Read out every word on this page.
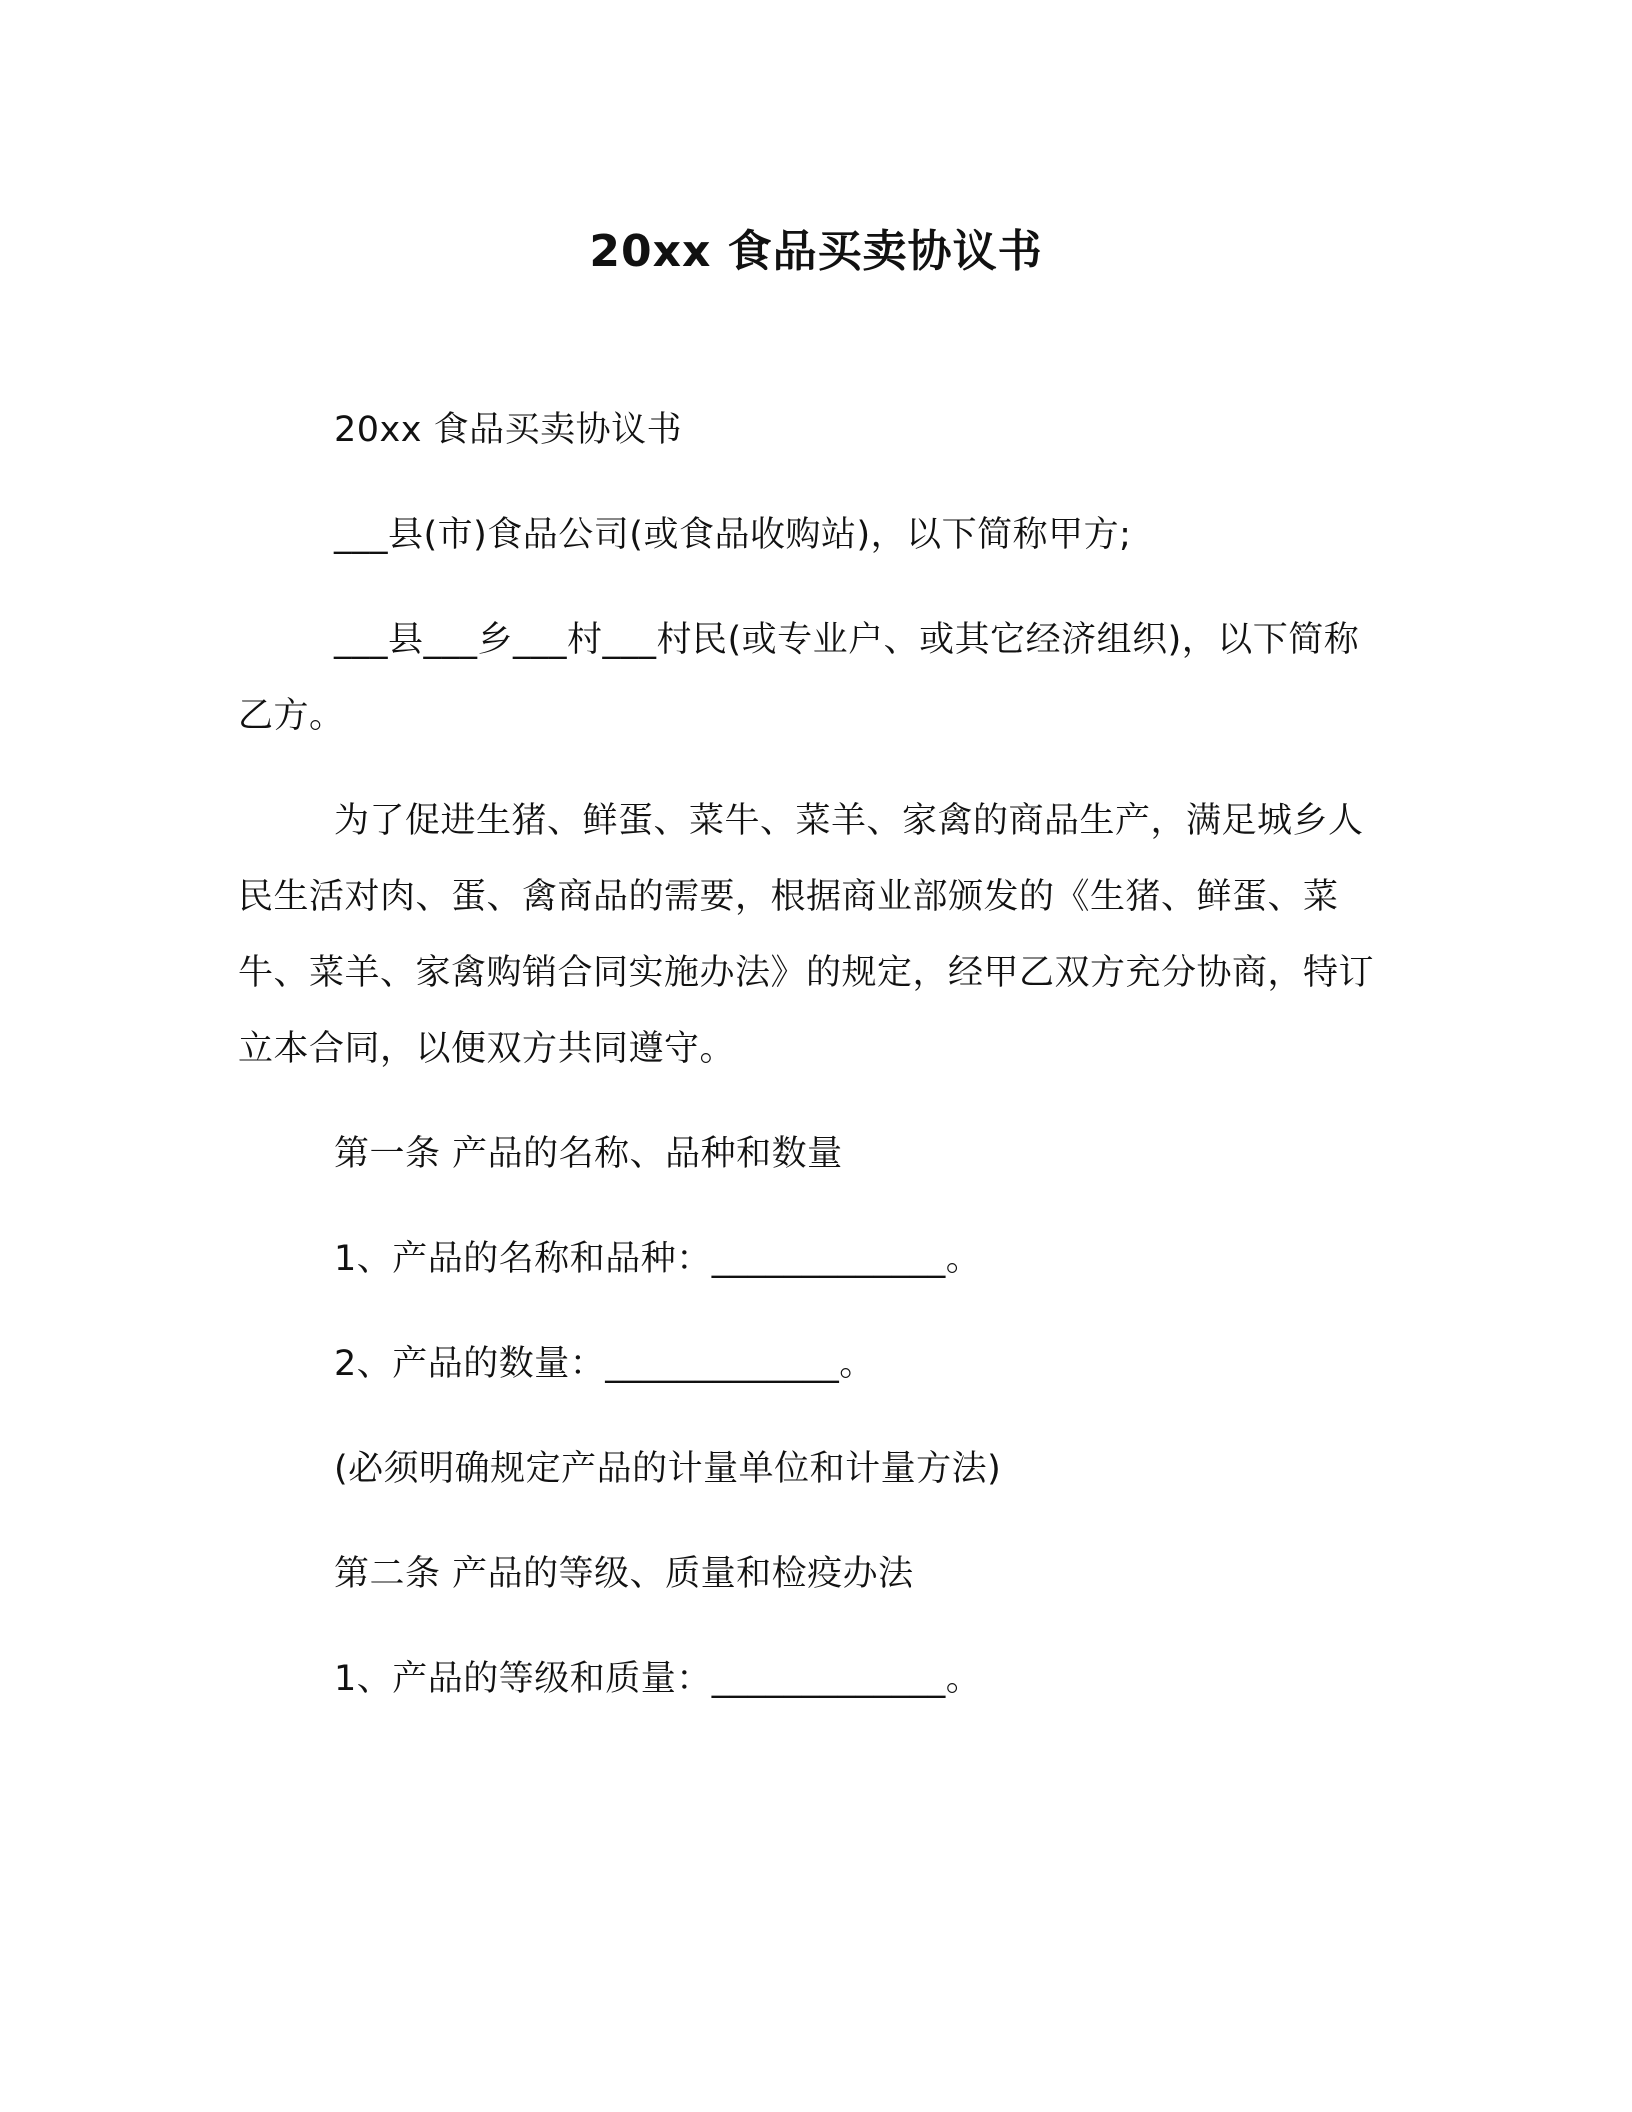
20xx 食品买卖协议书

20xx 食品买卖协议书

___县(市)食品公司(或食品收购站)，以下简称甲方;

___县___乡___村___村民(或专业户、或其它经济组织)，以下简称乙方。

为了促进生猪、鲜蛋、菜牛、菜羊、家禽的商品生产，满足城乡人民生活对肉、蛋、禽商品的需要，根据商业部颁发的《生猪、鲜蛋、菜牛、菜羊、家禽购销合同实施办法》的规定，经甲乙双方充分协商，特订立本合同，以便双方共同遵守。

第一条 产品的名称、品种和数量

1、产品的名称和品种：_____________。

2、产品的数量：_____________。

(必须明确规定产品的计量单位和计量方法)

第二条 产品的等级、质量和检疫办法

1、产品的等级和质量：_____________。
